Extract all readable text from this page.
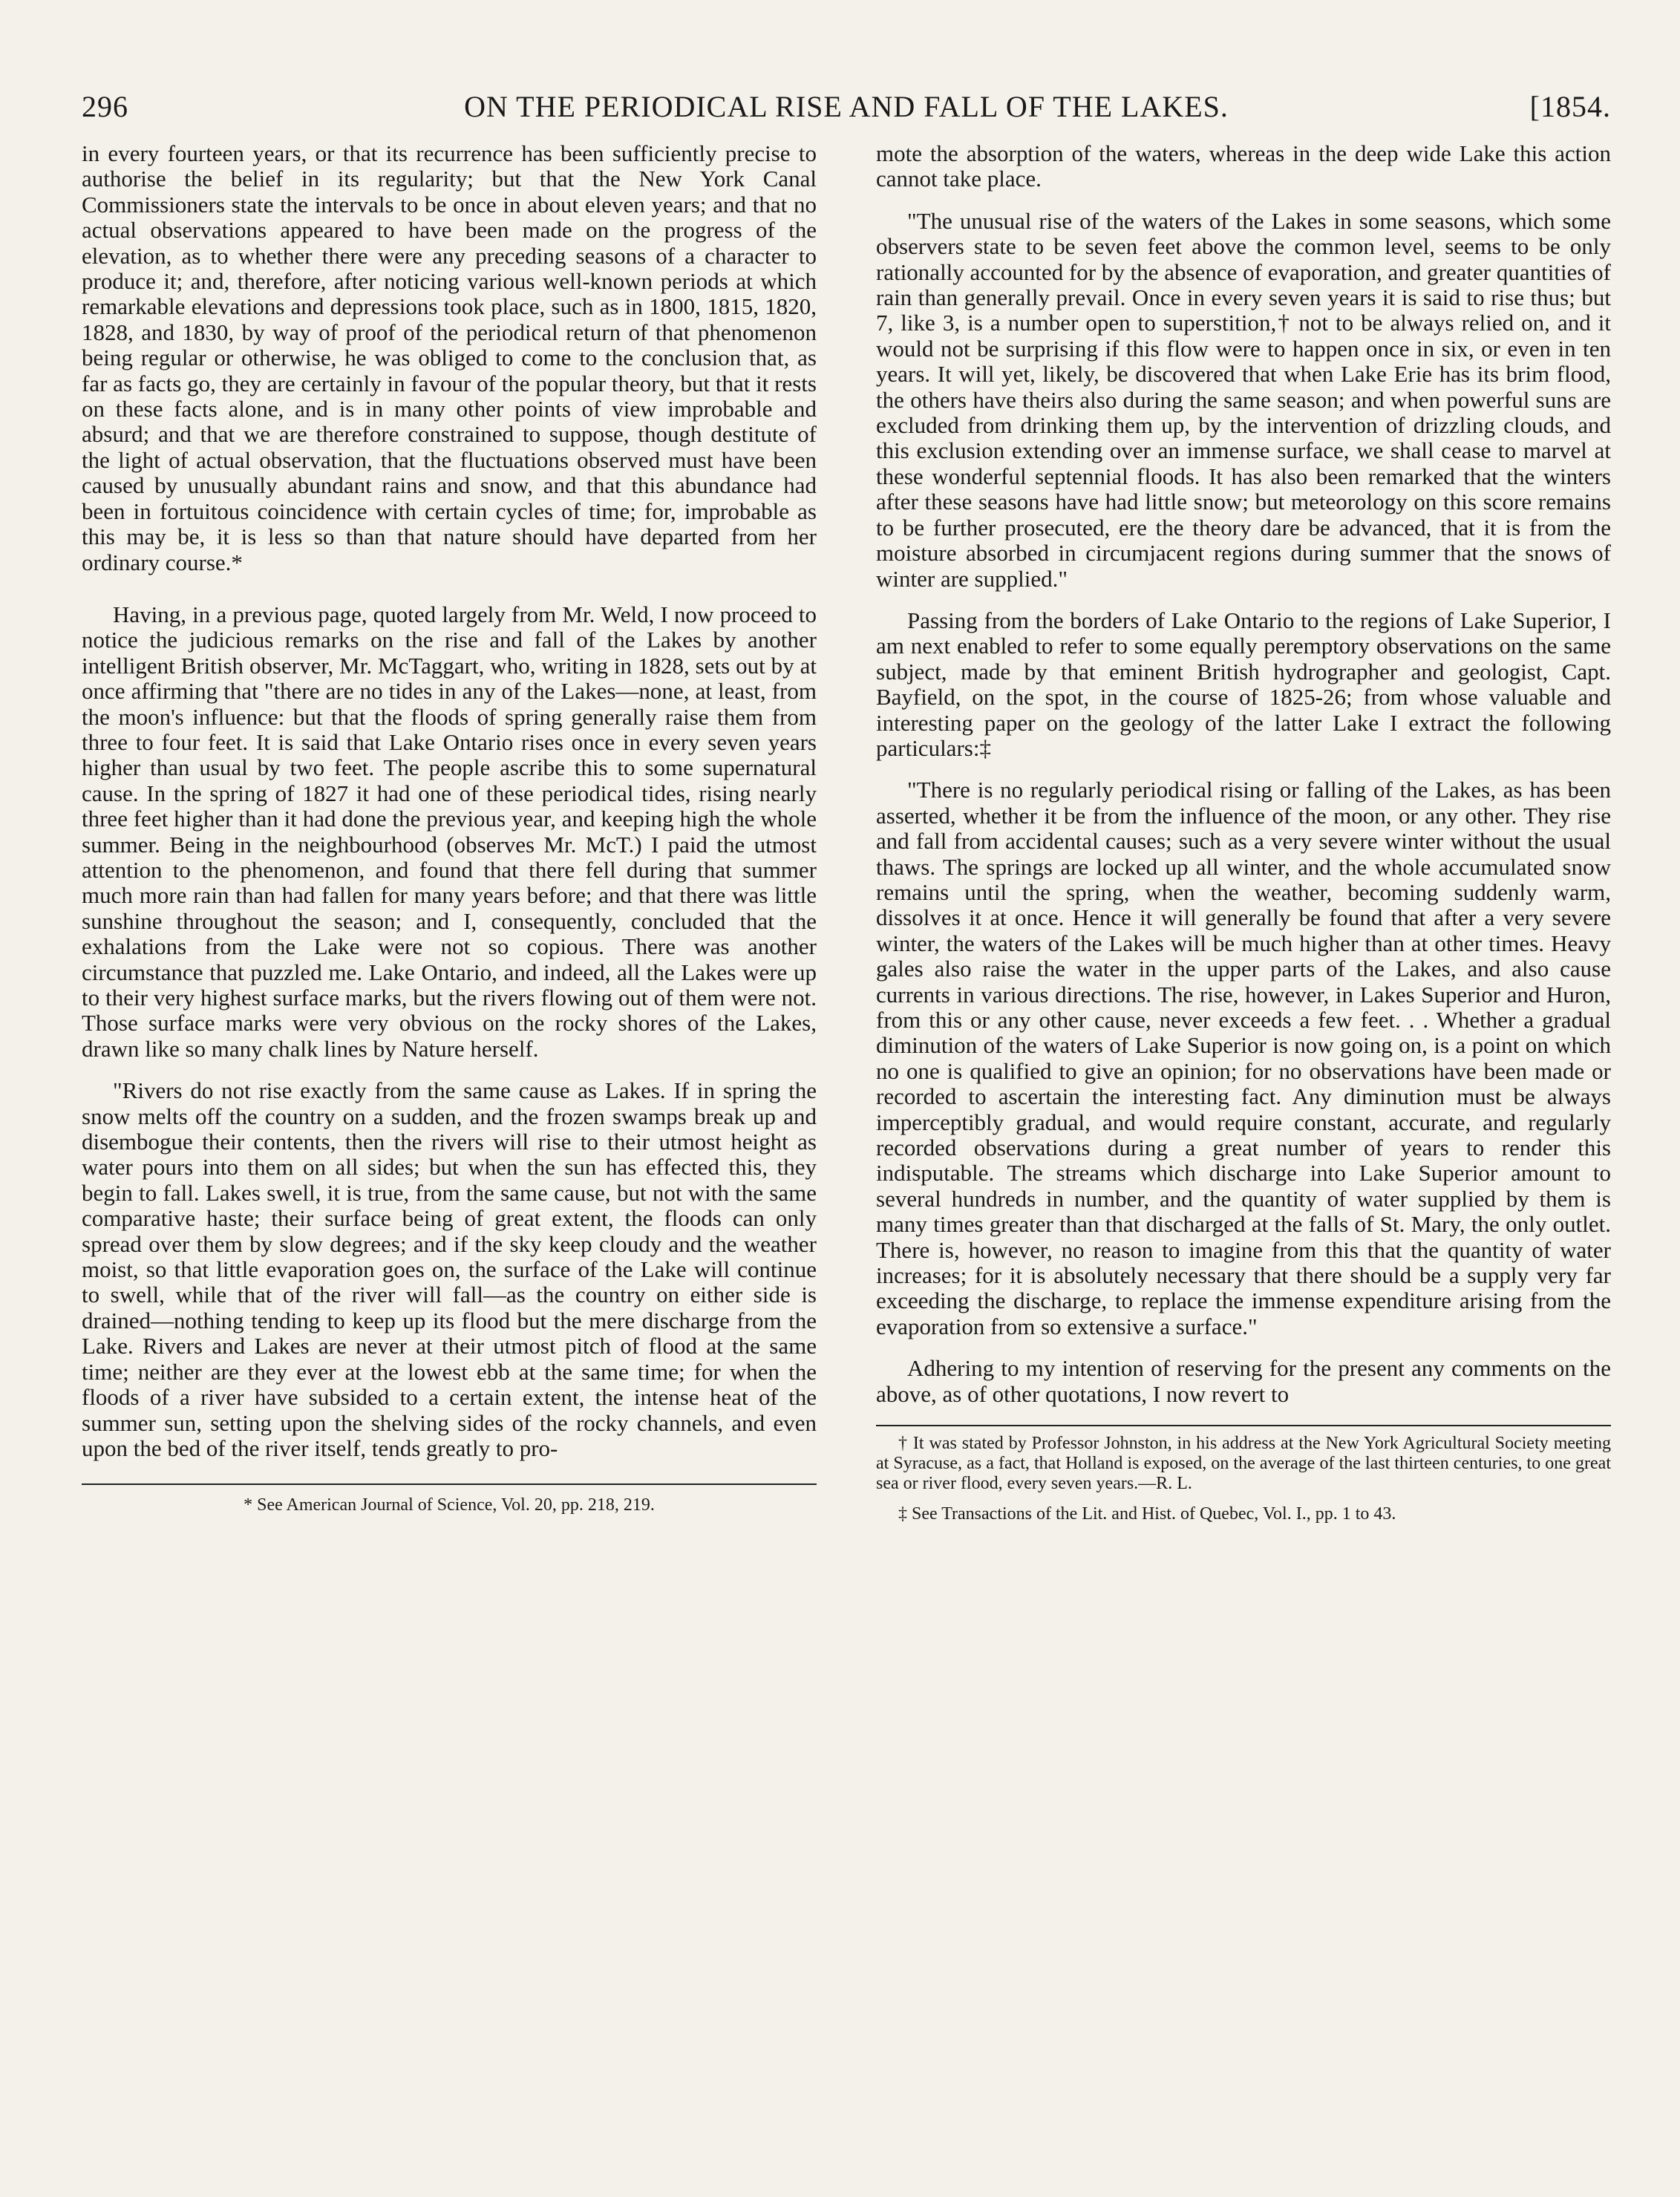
296	ON THE PERIODICAL RISE AND FALL OF THE LAKES.	[1854.

in every fourteen years, or that its recurrence has been sufficiently precise to authorise the belief in its regularity; but that the New York Canal Commissioners state the intervals to be once in about eleven years; and that no actual observations appeared to have been made on the progress of the elevation, as to whether there were any preceding seasons of a character to produce it; and, therefore, after noticing various well-known periods at which remarkable elevations and depressions took place, such as in 1800, 1815, 1820, 1828, and 1830, by way of proof of the periodical return of that phenomenon being regular or otherwise, he was obliged to come to the conclusion that, as far as facts go, they are certainly in favour of the popular theory, but that it rests on these facts alone, and is in many other points of view improbable and absurd; and that we are therefore constrained to suppose, though destitute of the light of actual observation, that the fluctuations observed must have been caused by unusually abundant rains and snow, and that this abundance had been in fortuitous coincidence with certain cycles of time; for, improbable as this may be, it is less so than that nature should have departed from her ordinary course.*

Having, in a previous page, quoted largely from Mr. Weld, I now proceed to notice the judicious remarks on the rise and fall of the Lakes by another intelligent British observer, Mr. McTaggart, who, writing in 1828, sets out by at once affirming that "there are no tides in any of the Lakes—none, at least, from the moon's influence: but that the floods of spring generally raise them from three to four feet. It is said that Lake Ontario rises once in every seven years higher than usual by two feet. The people ascribe this to some supernatural cause. In the spring of 1827 it had one of these periodical tides, rising nearly three feet higher than it had done the previous year, and keeping high the whole summer. Being in the neighbourhood (observes Mr. McT.) I paid the utmost attention to the phenomenon, and found that there fell during that summer much more rain than had fallen for many years before; and that there was little sunshine throughout the season; and I, consequently, concluded that the exhalations from the Lake were not so copious. There was another circumstance that puzzled me. Lake Ontario, and indeed, all the Lakes were up to their very highest surface marks, but the rivers flowing out of them were not. Those surface marks were very obvious on the rocky shores of the Lakes, drawn like so many chalk lines by Nature herself.

"Rivers do not rise exactly from the same cause as Lakes. If in spring the snow melts off the country on a sudden, and the frozen swamps break up and disembogue their contents, then the rivers will rise to their utmost height as water pours into them on all sides; but when the sun has effected this, they begin to fall. Lakes swell, it is true, from the same cause, but not with the same comparative haste; their surface being of great extent, the floods can only spread over them by slow degrees; and if the sky keep cloudy and the weather moist, so that little evaporation goes on, the surface of the Lake will continue to swell, while that of the river will fall—as the country on either side is drained—nothing tending to keep up its flood but the mere discharge from the Lake. Rivers and Lakes are never at their utmost pitch of flood at the same time; neither are they ever at the lowest ebb at the same time; for when the floods of a river have subsided to a certain extent, the intense heat of the summer sun, setting upon the shelving sides of the rocky channels, and even upon the bed of the river itself, tends greatly to pro-

* See American Journal of Science, Vol. 20, pp. 218, 219.

mote the absorption of the waters, whereas in the deep wide Lake this action cannot take place.

"The unusual rise of the waters of the Lakes in some seasons, which some observers state to be seven feet above the common level, seems to be only rationally accounted for by the absence of evaporation, and greater quantities of rain than generally prevail. Once in every seven years it is said to rise thus; but 7, like 3, is a number open to superstition,† not to be always relied on, and it would not be surprising if this flow were to happen once in six, or even in ten years. It will yet, likely, be discovered that when Lake Erie has its brim flood, the others have theirs also during the same season; and when powerful suns are excluded from drinking them up, by the intervention of drizzling clouds, and this exclusion extending over an immense surface, we shall cease to marvel at these wonderful septennial floods. It has also been remarked that the winters after these seasons have had little snow; but meteorology on this score remains to be further prosecuted, ere the theory dare be advanced, that it is from the moisture absorbed in circumjacent regions during summer that the snows of winter are supplied."

Passing from the borders of Lake Ontario to the regions of Lake Superior, I am next enabled to refer to some equally peremptory observations on the same subject, made by that eminent British hydrographer and geologist, Capt. Bayfield, on the spot, in the course of 1825-26; from whose valuable and interesting paper on the geology of the latter Lake I extract the following particulars:‡

"There is no regularly periodical rising or falling of the Lakes, as has been asserted, whether it be from the influence of the moon, or any other. They rise and fall from accidental causes; such as a very severe winter without the usual thaws. The springs are locked up all winter, and the whole accumulated snow remains until the spring, when the weather, becoming suddenly warm, dissolves it at once. Hence it will generally be found that after a very severe winter, the waters of the Lakes will be much higher than at other times. Heavy gales also raise the water in the upper parts of the Lakes, and also cause currents in various directions. The rise, however, in Lakes Superior and Huron, from this or any other cause, never exceeds a few feet. . . Whether a gradual diminution of the waters of Lake Superior is now going on, is a point on which no one is qualified to give an opinion; for no observations have been made or recorded to ascertain the interesting fact. Any diminution must be always imperceptibly gradual, and would require constant, accurate, and regularly recorded observations during a great number of years to render this indisputable. The streams which discharge into Lake Superior amount to several hundreds in number, and the quantity of water supplied by them is many times greater than that discharged at the falls of St. Mary, the only outlet. There is, however, no reason to imagine from this that the quantity of water increases; for it is absolutely necessary that there should be a supply very far exceeding the discharge, to replace the immense expenditure arising from the evaporation from so extensive a surface."

Adhering to my intention of reserving for the present any comments on the above, as of other quotations, I now revert to

† It was stated by Professor Johnston, in his address at the New York Agricultural Society meeting at Syracuse, as a fact, that Holland is exposed, on the average of the last thirteen centuries, to one great sea or river flood, every seven years.—R. L.

‡ See Transactions of the Lit. and Hist. of Quebec, Vol. I., pp. 1 to 43.
